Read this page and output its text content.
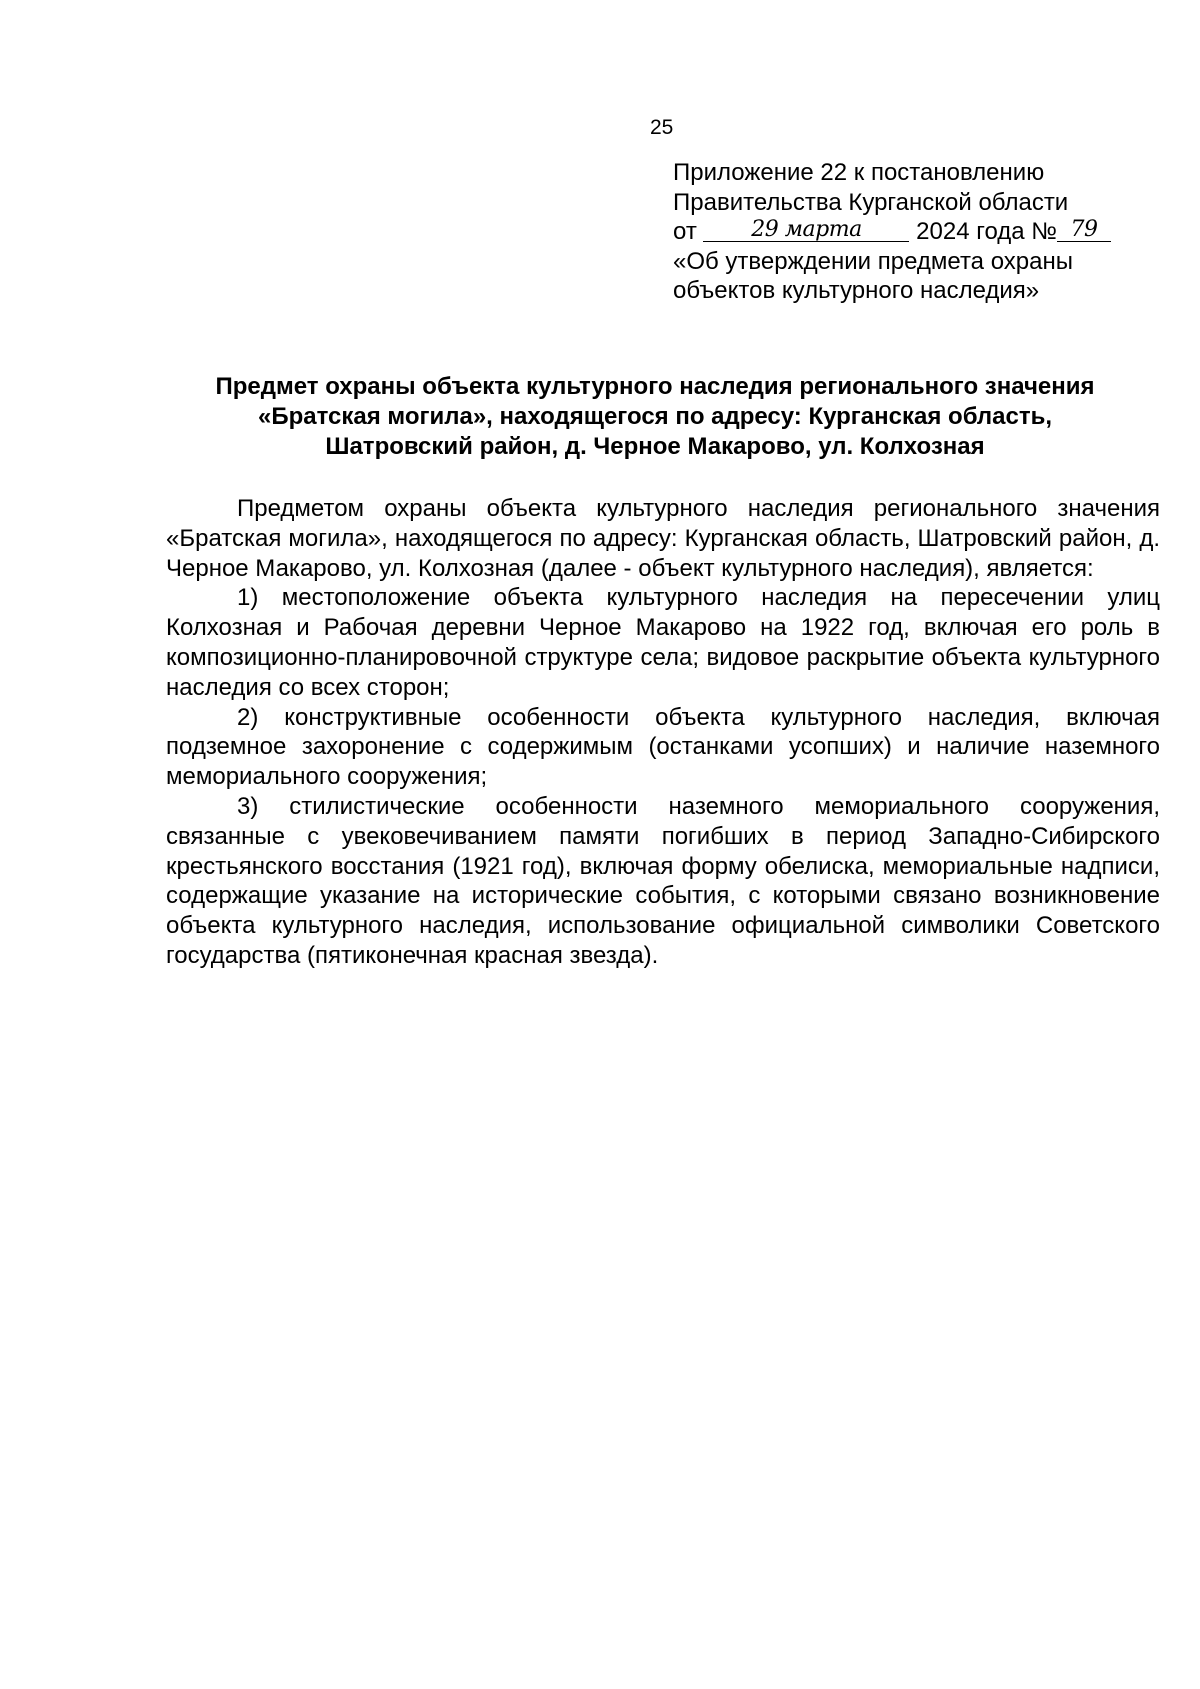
25
Приложение 22 к постановлению
Правительства Курганской области
от 29 марта 2024 года № 79
«Об утверждении предмета охраны
объектов культурного наследия»
Предмет охраны объекта культурного наследия регионального значения
«Братская могила», находящегося по адресу: Курганская область,
Шатровский район, д. Черное Макарово, ул. Колхозная

Предметом охраны объекта культурного наследия регионального значения «Братская могила», находящегося по адресу: Курганская область, Шатровский район, д. Черное Макарово, ул. Колхозная (далее - объект культурного наследия), является:

1) местоположение объекта культурного наследия на пересечении улиц Колхозная и Рабочая деревни Черное Макарово на 1922 год, включая его роль в композиционно-планировочной структуре села; видовое раскрытие объекта культурного наследия со всех сторон;

2) конструктивные особенности объекта культурного наследия, включая подземное захоронение с содержимым (останками усопших) и наличие наземного мемориального сооружения;

3) стилистические особенности наземного мемориального сооружения, связанные с увековечиванием памяти погибших в период Западно-Сибирского крестьянского восстания (1921 год), включая форму обелиска, мемориальные надписи, содержащие указание на исторические события, с которыми связано возникновение объекта культурного наследия, использование официальной символики Советского государства (пятиконечная красная звезда).
